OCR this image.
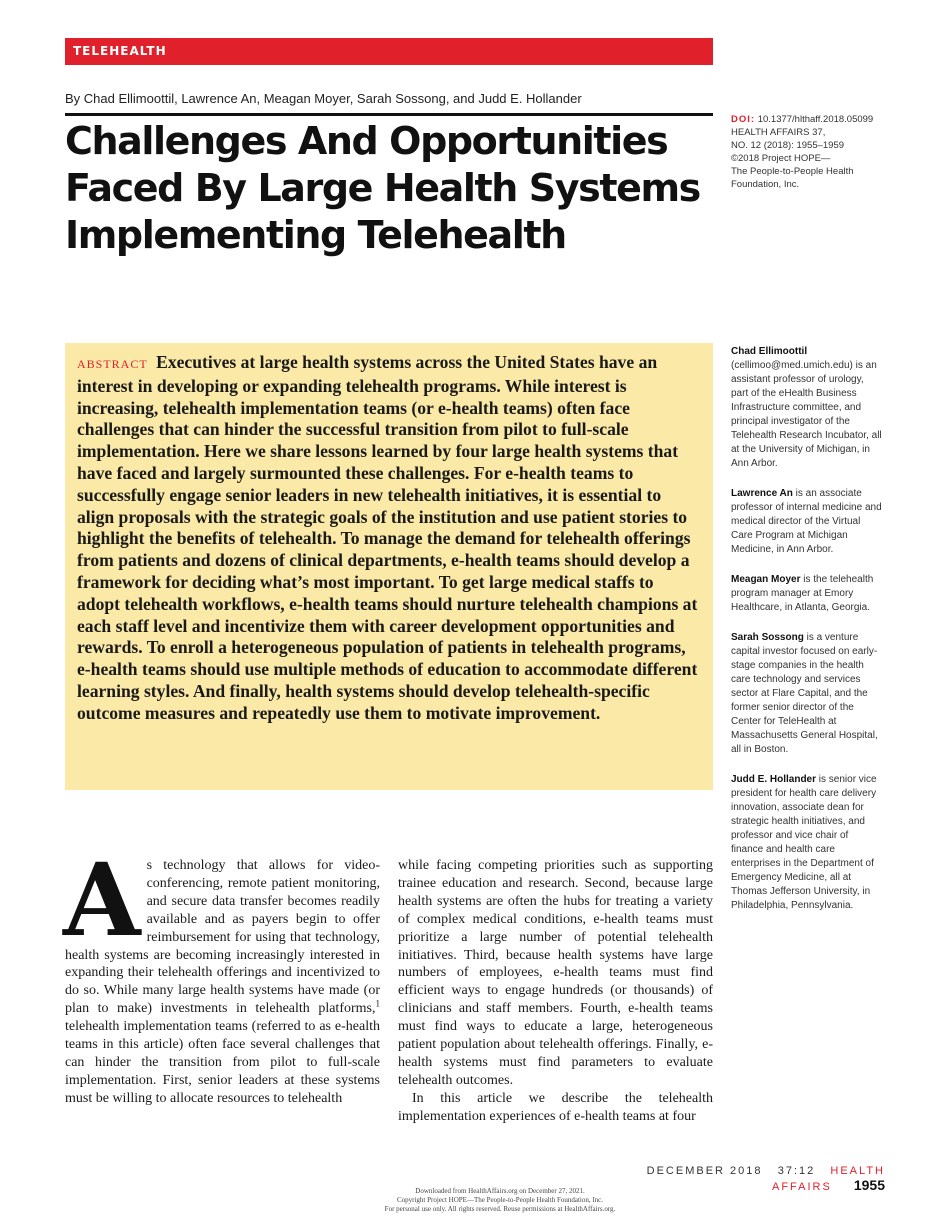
TELEHEALTH
By Chad Ellimoottil, Lawrence An, Meagan Moyer, Sarah Sossong, and Judd E. Hollander
Challenges And Opportunities
Faced By Large Health Systems
Implementing Telehealth
DOI: 10.1377/hlthaff.2018.05099
HEALTH AFFAIRS 37,
NO. 12 (2018): 1955–1959
©2018 Project HOPE—
The People-to-People Health
Foundation, Inc.

ABSTRACT Executives at large health systems across the United States have an interest in developing or expanding telehealth programs. While interest is increasing, telehealth implementation teams (or e-health teams) often face challenges that can hinder the successful transition from pilot to full-scale implementation. Here we share lessons learned by four large health systems that have faced and largely surmounted these challenges. For e-health teams to successfully engage senior leaders in new telehealth initiatives, it is essential to align proposals with the strategic goals of the institution and use patient stories to highlight the benefits of telehealth. To manage the demand for telehealth offerings from patients and dozens of clinical departments, e-health teams should develop a framework for deciding what’s most important. To get large medical staffs to adopt telehealth workflows, e-health teams should nurture telehealth champions at each staff level and incentivize them with career development opportunities and rewards. To enroll a heterogeneous population of patients in telehealth programs, e-health teams should use multiple methods of education to accommodate different learning styles. And finally, health systems should develop telehealth-specific outcome measures and repeatedly use them to motivate improvement.

Chad Ellimoottil (cellimoo@med.umich.edu) is an assistant professor of urology, part of the eHealth Business Infrastructure committee, and principal investigator of the Telehealth Research Incubator, all at the University of Michigan, in Ann Arbor.

Lawrence An is an associate professor of internal medicine and medical director of the Virtual Care Program at Michigan Medicine, in Ann Arbor.

Meagan Moyer is the telehealth program manager at Emory Healthcare, in Atlanta, Georgia.

Sarah Sossong is a venture capital investor focused on early-stage companies in the health care technology and services sector at Flare Capital, and the former senior director of the Center for TeleHealth at Massachusetts General Hospital, all in Boston.

Judd E. Hollander is senior vice president for health care delivery innovation, associate dean for strategic health initiatives, and professor and vice chair of finance and health care enterprises in the Department of Emergency Medicine, all at Thomas Jefferson University, in Philadelphia, Pennsylvania.

As technology that allows for video-conferencing, remote patient monitoring, and secure data transfer becomes readily available and as payers begin to offer reimbursement for using that technology, health systems are becoming increasingly interested in expanding their telehealth offerings and incentivized to do so. While many large health systems have made (or plan to make) investments in telehealth platforms,$^1$ telehealth implementation teams (referred to as e-health teams in this article) often face several challenges that can hinder the transition from pilot to full-scale implementation. First, senior leaders at these systems must be willing to allocate resources to telehealth

while facing competing priorities such as supporting trainee education and research. Second, because large health systems are often the hubs for treating a variety of complex medical conditions, e-health teams must prioritize a large number of potential telehealth initiatives. Third, because health systems have large numbers of employees, e-health teams must find efficient ways to engage hundreds (or thousands) of clinicians and staff members. Fourth, e-health teams must find ways to educate a large, heterogeneous patient population about telehealth offerings. Finally, e-health systems must find parameters to evaluate telehealth outcomes.

In this article we describe the telehealth implementation experiences of e-health teams at four

DECEMBER 2018 37:12 HEALTH AFFAIRS 1955
Downloaded from HealthAffairs.org on December 27, 2021.
Copyright Project HOPE—The People-to-People Health Foundation, Inc.
For personal use only. All rights reserved. Reuse permissions at HealthAffairs.org.
